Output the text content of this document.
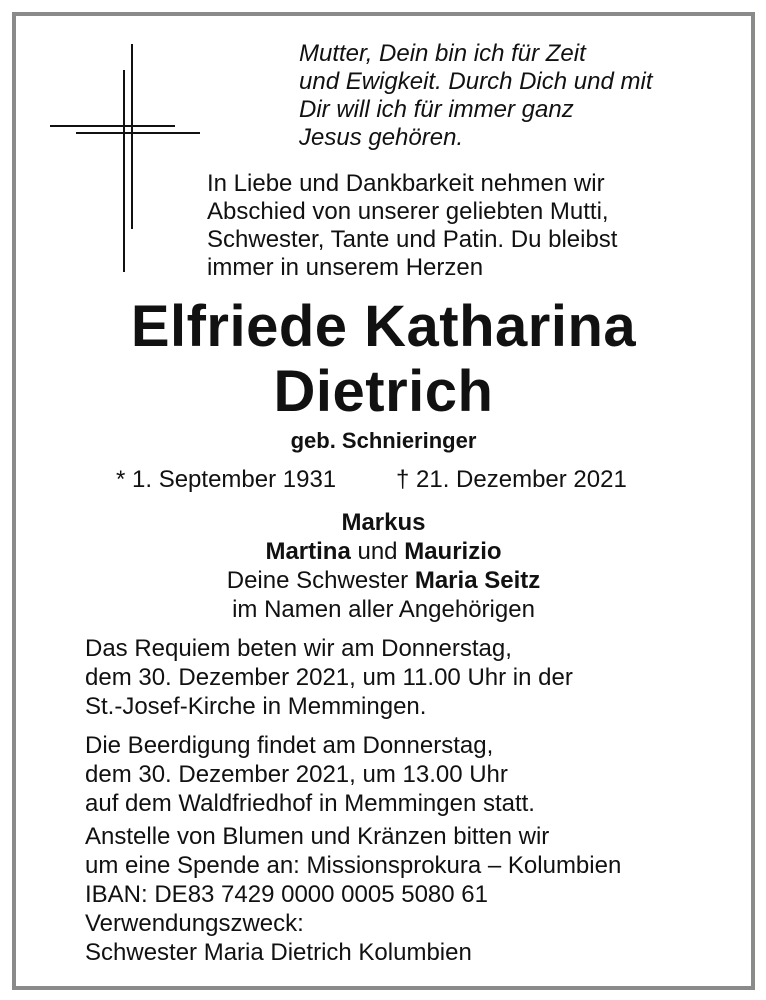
Mutter, Dein bin ich für Zeit
und Ewigkeit. Durch Dich und mit
Dir will ich für immer ganz
Jesus gehören.
In Liebe und Dankbarkeit nehmen wir
Abschied von unserer geliebten Mutti,
Schwester, Tante und Patin. Du bleibst
immer in unserem Herzen
Elfriede Katharina
Dietrich
geb. Schnieringer
* 1. September 1931 † 21. Dezember 2021
Markus
Martina und Maurizio
Deine Schwester Maria Seitz
im Namen aller Angehörigen
Das Requiem beten wir am Donnerstag,
dem 30. Dezember 2021, um 11.00 Uhr in der
St.-Josef-Kirche in Memmingen.
Die Beerdigung findet am Donnerstag,
dem 30. Dezember 2021, um 13.00 Uhr
auf dem Waldfriedhof in Memmingen statt.
Anstelle von Blumen und Kränzen bitten wir
um eine Spende an: Missionsprokura – Kolumbien
IBAN: DE83 7429 0000 0005 5080 61
Verwendungszweck:
Schwester Maria Dietrich Kolumbien
